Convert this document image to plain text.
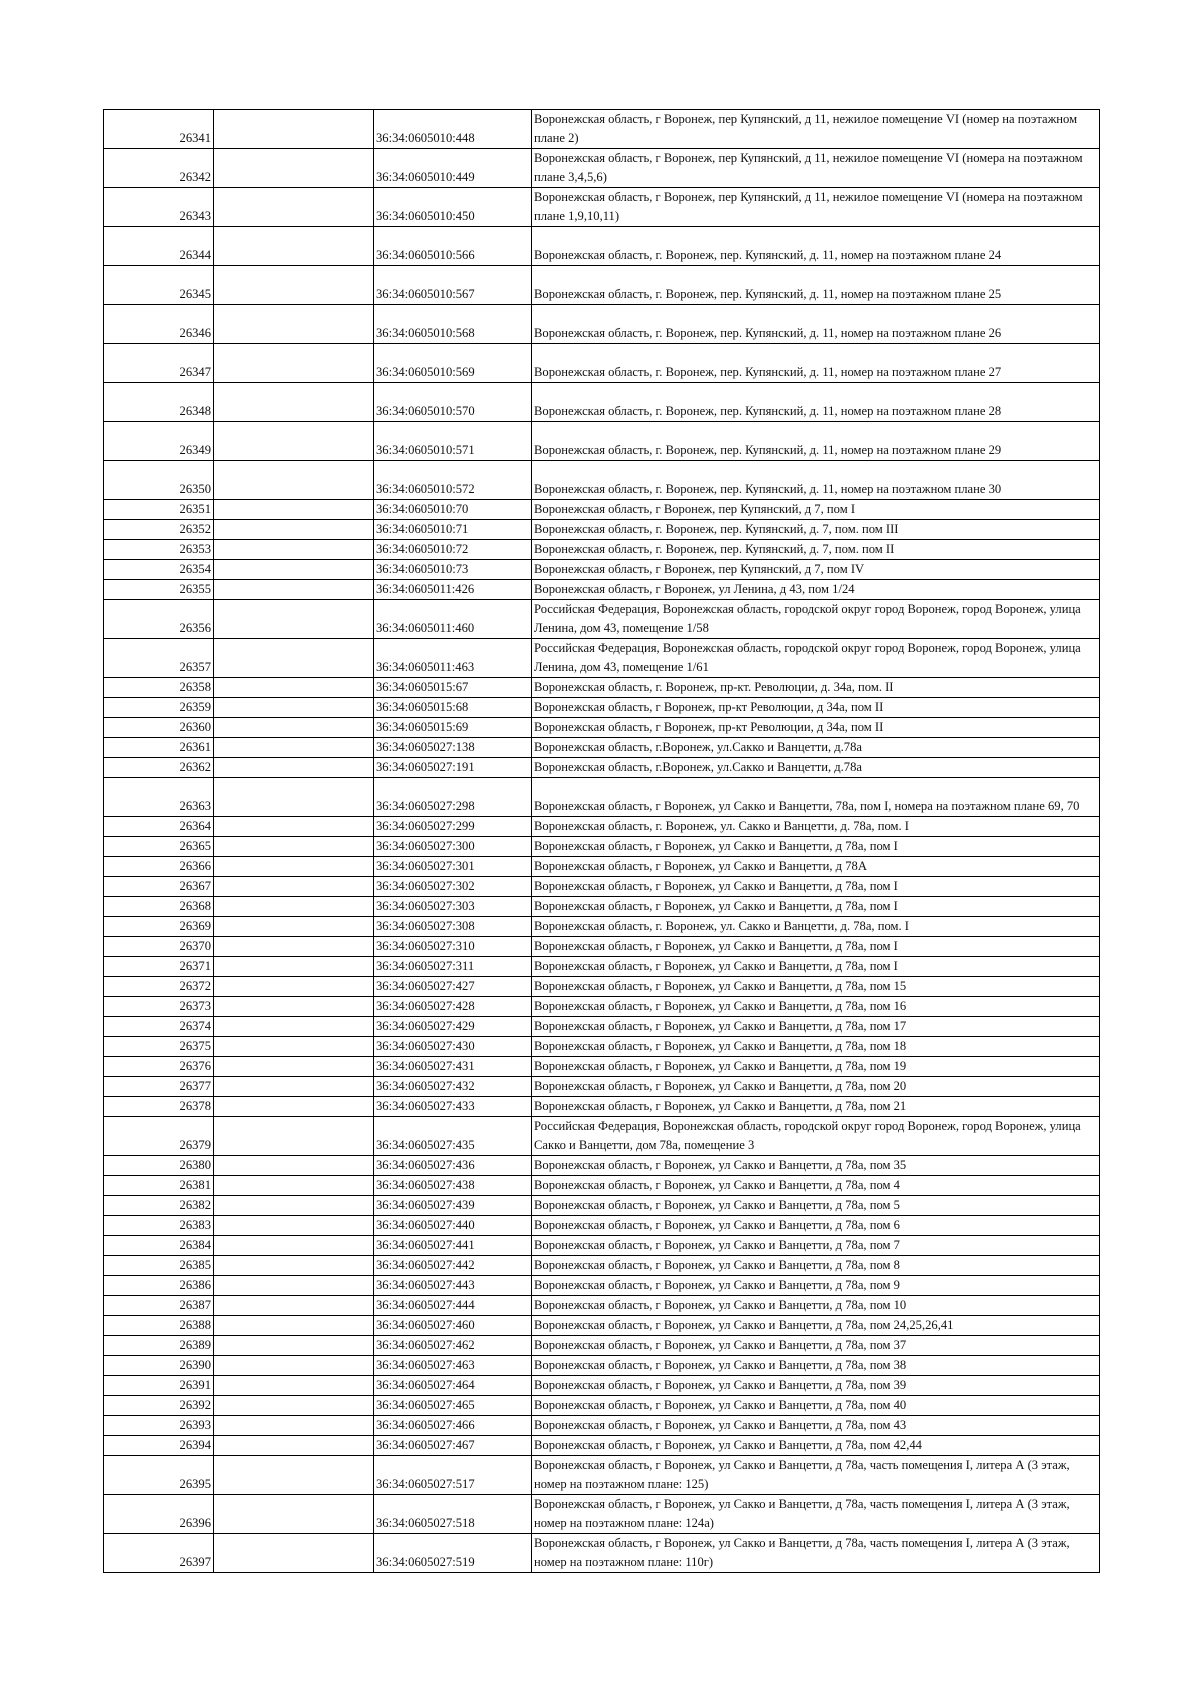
26341		36:34:0605010:448	Воронежская область, г Воронеж, пер Купянский, д 11, нежилое помещение VI (номер на поэтажном плане 2)
26342		36:34:0605010:449	Воронежская область, г Воронеж, пер Купянский, д 11, нежилое помещение VI (номера на поэтажном плане 3,4,5,6)
26343		36:34:0605010:450	Воронежская область, г Воронеж, пер Купянский, д 11, нежилое помещение VI (номера на поэтажном плане 1,9,10,11)
26344		36:34:0605010:566	Воронежская область, г. Воронеж, пер. Купянский, д. 11, номер на поэтажном плане 24
26345		36:34:0605010:567	Воронежская область, г. Воронеж, пер. Купянский, д. 11, номер на поэтажном плане 25
26346		36:34:0605010:568	Воронежская область, г. Воронеж, пер. Купянский, д. 11, номер на поэтажном плане 26
26347		36:34:0605010:569	Воронежская область, г. Воронеж, пер. Купянский, д. 11, номер на поэтажном плане 27
26348		36:34:0605010:570	Воронежская область, г. Воронеж, пер. Купянский, д. 11, номер на поэтажном плане 28
26349		36:34:0605010:571	Воронежская область, г. Воронеж, пер. Купянский, д. 11, номер на поэтажном плане 29
26350		36:34:0605010:572	Воронежская область, г. Воронеж, пер. Купянский, д. 11, номер на поэтажном плане 30
26351		36:34:0605010:70	Воронежская область, г Воронеж, пер Купянский, д 7, пом I
26352		36:34:0605010:71	Воронежская область, г. Воронеж, пер. Купянский, д. 7, пом. пом III
26353		36:34:0605010:72	Воронежская область, г. Воронеж, пер. Купянский, д. 7, пом. пом II
26354		36:34:0605010:73	Воронежская область, г Воронеж, пер Купянский, д 7, пом IV
26355		36:34:0605011:426	Воронежская область, г Воронеж, ул Ленина, д 43, пом 1/24
26356		36:34:0605011:460	Российская Федерация, Воронежская область, городской округ город Воронеж, город Воронеж, улица Ленина, дом 43, помещение 1/58
26357		36:34:0605011:463	Российская Федерация, Воронежская область, городской округ город Воронеж, город Воронеж, улица Ленина, дом 43, помещение 1/61
26358		36:34:0605015:67	Воронежская область, г. Воронеж, пр-кт. Революции, д. 34а, пом. II
26359		36:34:0605015:68	Воронежская область, г Воронеж, пр-кт Революции, д 34а, пом II
26360		36:34:0605015:69	Воронежская область, г Воронеж, пр-кт Революции, д 34а, пом II
26361		36:34:0605027:138	Воронежская область, г.Воронеж, ул.Сакко и Ванцетти, д.78а
26362		36:34:0605027:191	Воронежская область, г.Воронеж, ул.Сакко и Ванцетти, д.78а
26363		36:34:0605027:298	Воронежская область, г Воронеж, ул Сакко и Ванцетти, 78а, пом I, номера на поэтажном плане 69, 70
26364		36:34:0605027:299	Воронежская область, г. Воронеж, ул. Сакко и Ванцетти, д. 78а, пом. I
26365		36:34:0605027:300	Воронежская область, г Воронеж, ул Сакко и Ванцетти, д 78а, пом I
26366		36:34:0605027:301	Воронежская область, г Воронеж, ул Сакко и Ванцетти, д 78А
26367		36:34:0605027:302	Воронежская область, г Воронеж, ул Сакко и Ванцетти, д 78а, пом I
26368		36:34:0605027:303	Воронежская область, г Воронеж, ул Сакко и Ванцетти, д 78а, пом I
26369		36:34:0605027:308	Воронежская область, г. Воронеж, ул. Сакко и Ванцетти, д. 78а, пом. I
26370		36:34:0605027:310	Воронежская область, г Воронеж, ул Сакко и Ванцетти, д 78а, пом I
26371		36:34:0605027:311	Воронежская область, г Воронеж, ул Сакко и Ванцетти, д 78а, пом I
26372		36:34:0605027:427	Воронежская область, г Воронеж, ул Сакко и Ванцетти, д 78а, пом 15
26373		36:34:0605027:428	Воронежская область, г Воронеж, ул Сакко и Ванцетти, д 78а, пом 16
26374		36:34:0605027:429	Воронежская область, г Воронеж, ул Сакко и Ванцетти, д 78а, пом 17
26375		36:34:0605027:430	Воронежская область, г Воронеж, ул Сакко и Ванцетти, д 78а, пом 18
26376		36:34:0605027:431	Воронежская область, г Воронеж, ул Сакко и Ванцетти, д 78а, пом 19
26377		36:34:0605027:432	Воронежская область, г Воронеж, ул Сакко и Ванцетти, д 78а, пом 20
26378		36:34:0605027:433	Воронежская область, г Воронеж, ул Сакко и Ванцетти, д 78а, пом 21
26379		36:34:0605027:435	Российская Федерация, Воронежская область, городской округ город Воронеж, город Воронеж, улица Сакко и Ванцетти, дом 78а, помещение 3
26380		36:34:0605027:436	Воронежская область, г Воронеж, ул Сакко и Ванцетти, д 78а, пом 35
26381		36:34:0605027:438	Воронежская область, г Воронеж, ул Сакко и Ванцетти, д 78а, пом 4
26382		36:34:0605027:439	Воронежская область, г Воронеж, ул Сакко и Ванцетти, д 78а, пом 5
26383		36:34:0605027:440	Воронежская область, г Воронеж, ул Сакко и Ванцетти, д 78а, пом 6
26384		36:34:0605027:441	Воронежская область, г Воронеж, ул Сакко и Ванцетти, д 78а, пом 7
26385		36:34:0605027:442	Воронежская область, г Воронеж, ул Сакко и Ванцетти, д 78а, пом 8
26386		36:34:0605027:443	Воронежская область, г Воронеж, ул Сакко и Ванцетти, д 78а, пом 9
26387		36:34:0605027:444	Воронежская область, г Воронеж, ул Сакко и Ванцетти, д 78а, пом 10
26388		36:34:0605027:460	Воронежская область, г Воронеж, ул Сакко и Ванцетти, д 78а, пом 24,25,26,41
26389		36:34:0605027:462	Воронежская область, г Воронеж, ул Сакко и Ванцетти, д 78а, пом 37
26390		36:34:0605027:463	Воронежская область, г Воронеж, ул Сакко и Ванцетти, д 78а, пом 38
26391		36:34:0605027:464	Воронежская область, г Воронеж, ул Сакко и Ванцетти, д 78а, пом 39
26392		36:34:0605027:465	Воронежская область, г Воронеж, ул Сакко и Ванцетти, д 78а, пом 40
26393		36:34:0605027:466	Воронежская область, г Воронеж, ул Сакко и Ванцетти, д 78а, пом 43
26394		36:34:0605027:467	Воронежская область, г Воронеж, ул Сакко и Ванцетти, д 78а, пом 42,44
26395		36:34:0605027:517	Воронежская область, г Воронеж, ул Сакко и Ванцетти, д 78а, часть помещения I, литера А (3 этаж, номер на поэтажном плане: 125)
26396		36:34:0605027:518	Воронежская область, г Воронеж, ул Сакко и Ванцетти, д 78а, часть помещения I, литера А (3 этаж, номер на поэтажном плане: 124а)
26397		36:34:0605027:519	Воронежская область, г Воронеж, ул Сакко и Ванцетти, д 78а, часть помещения I, литера А (3 этаж, номер на поэтажном плане: 110г)
